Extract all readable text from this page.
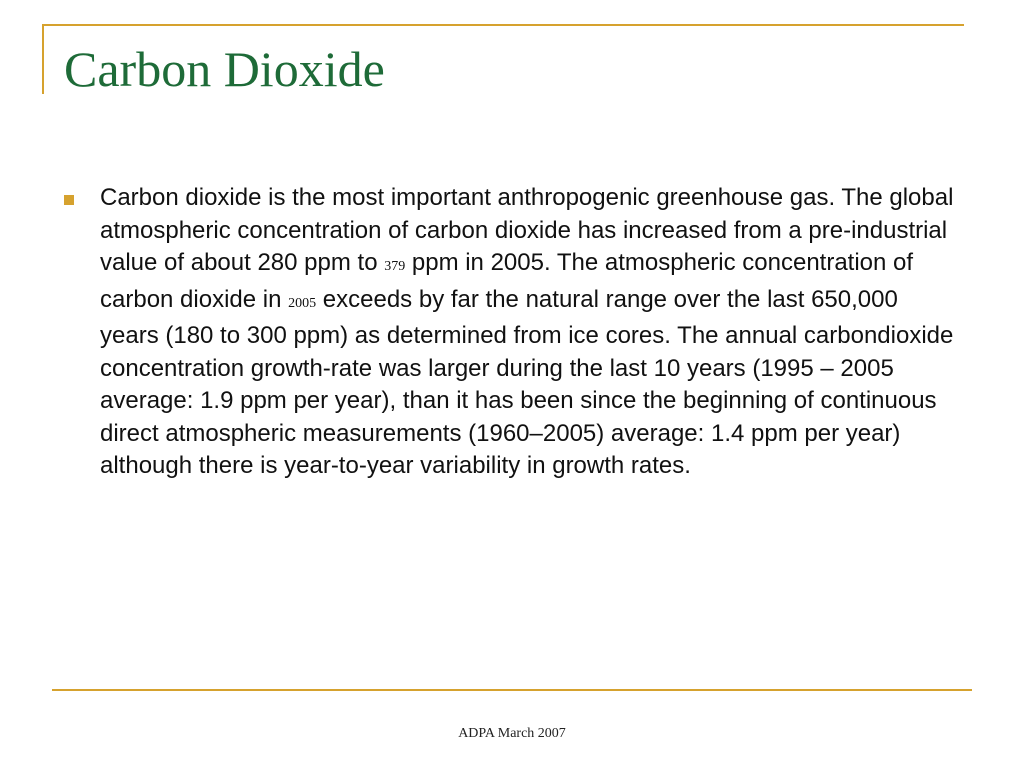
Carbon Dioxide

Carbon dioxide is the most important anthropogenic greenhouse gas. The global atmospheric concentration of carbon dioxide has increased from a pre-industrial value of about 280 ppm to 379 ppm in 2005. The atmospheric concentration of carbon dioxide in 2005 exceeds by far the natural range over the last 650,000 years (180 to 300 ppm) as determined from ice cores. The annual carbondioxide concentration growth-rate was larger during the last 10 years (1995 – 2005 average: 1.9 ppm per year), than it has been since the beginning of continuous direct atmospheric measurements (1960–2005) average: 1.4 ppm per year) although there is year-to-year variability in growth rates.

ADPA March 2007
